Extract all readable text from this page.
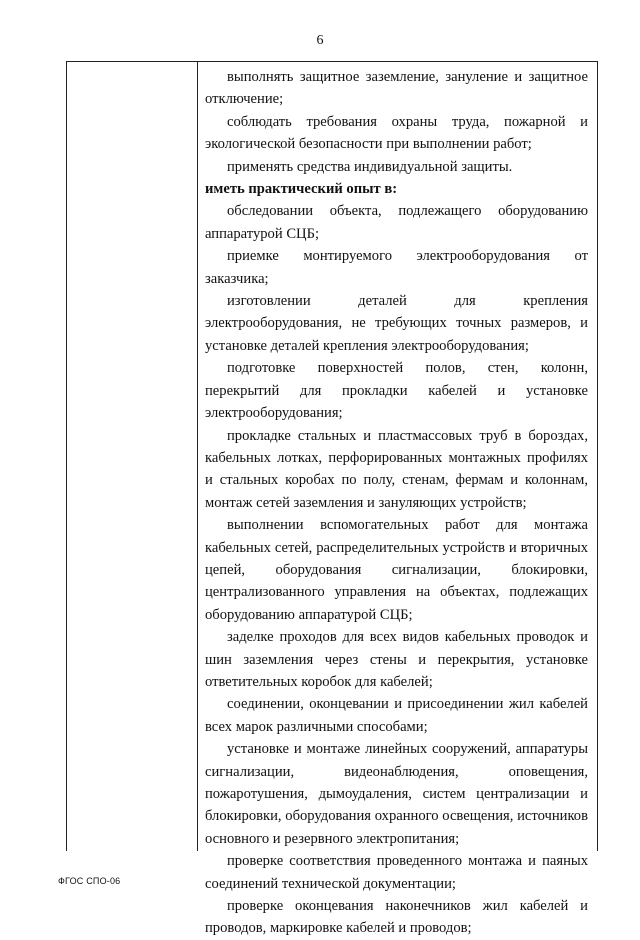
6

выполнять защитное заземление, зануление и защитное отключение;

соблюдать требования охраны труда, пожарной и экологической безопасности при выполнении работ;

применять средства индивидуальной защиты.

иметь практический опыт в:

обследовании объекта, подлежащего оборудованию аппаратурой СЦБ;

приемке монтируемого электрооборудования от заказчика;

изготовлении деталей для крепления электрооборудования, не требующих точных размеров, и установке деталей крепления электрооборудования;

подготовке поверхностей полов, стен, колонн, перекрытий для прокладки кабелей и установке электрооборудования;

прокладке стальных и пластмассовых труб в бороздах, кабельных лотках, перфорированных монтажных профилях и стальных коробах по полу, стенам, фермам и колоннам, монтаж сетей заземления и зануляющих устройств;

выполнении вспомогательных работ для монтажа кабельных сетей, распределительных устройств и вторичных цепей, оборудования сигнализации, блокировки, централизованного управления на объектах, подлежащих оборудованию аппаратурой СЦБ;

заделке проходов для всех видов кабельных проводок и шин заземления через стены и перекрытия, установке ответительных коробок для кабелей;

соединении, оконцевании и присоединении жил кабелей всех марок различными способами;

установке и монтаже линейных сооружений, аппаратуры сигнализации, видеонаблюдения, оповещения, пожаротушения, дымоудаления, систем централизации и блокировки, оборудования охранного освещения, источников основного и резервного электропитания;

проверке соответствия проведенного монтажа и паяных соединений технической документации;

проверке оконцевания наконечников жил кабелей и проводов, маркировке кабелей и проводов;

ФГОС СПО-06
